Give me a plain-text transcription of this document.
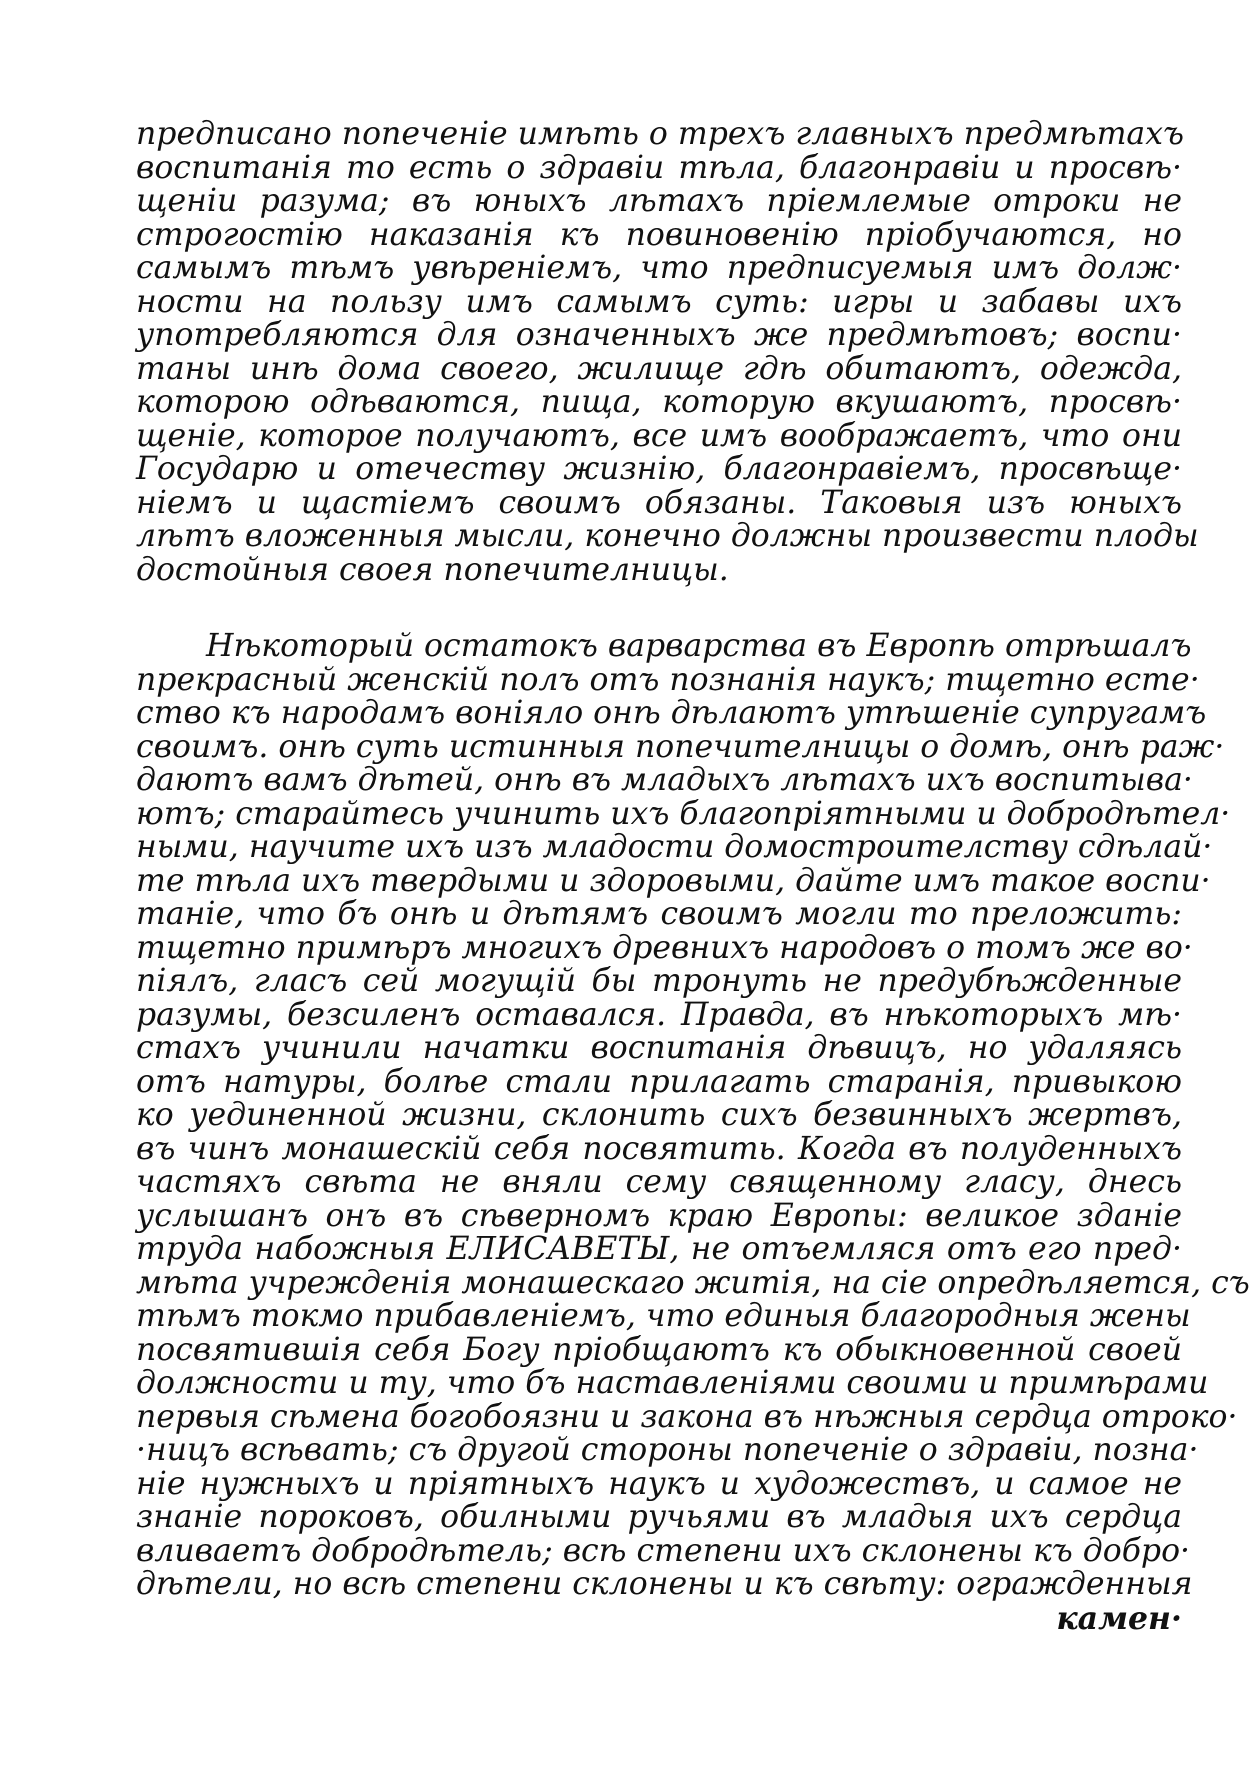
предписано попеченіе имѣть о трехъ главныхъ предмѣтахъ
воспитанія то есть о здравіи тѣла, благонравіи и просвѣ·
щеніи разума; въ юныхъ лѣтахъ пріемлемые отроки не
строгостію наказанія къ повиновенію пріобучаются, но
самымъ тѣмъ увѣреніемъ, что предписуемыя имъ долж·
ности на пользу имъ самымъ суть: игры и забавы ихъ
употребляются для означенныхъ же предмѣтовъ; воспи·
таны инѣ дома своего, жилище гдѣ обитаютъ, одежда,
которою одѣваются, пища, которую вкушаютъ, просвѣ·
щеніе, которое получаютъ, все имъ воображаетъ, что они
Государю и отечеству жизнію, благонравіемъ, просвѣще·
ніемъ и щастіемъ своимъ обязаны. Таковыя изъ юныхъ
лѣтъ вложенныя мысли, конечно должны произвести плоды
достойныя своея попечителницы.
Нѣкоторый остатокъ варварства въ Европѣ отрѣшалъ
прекрасный женскій полъ отъ познанія наукъ; тщетно есте·
ство къ народамъ воніяло онѣ дѣлаютъ утѣшеніе супругамъ
своимъ. онѣ суть истинныя попечителницы о домѣ, онѣ раж·
даютъ вамъ дѣтей, онѣ въ младыхъ лѣтахъ ихъ воспитыва·
ютъ; старайтесь учинить ихъ благопріятными и добродѣтел·
ными, научите ихъ изъ младости домостроителству сдѣлай·
те тѣла ихъ твердыми и здоровыми, дайте имъ такое воспи·
таніе, что бъ онѣ и дѣтямъ своимъ могли то преложить:
тщетно примѣръ многихъ древнихъ народовъ о томъ же во·
піялъ, гласъ сей могущій бы тронуть не предубѣжденные
разумы, безсиленъ оставался. Правда, въ нѣкоторыхъ мѣ·
стахъ учинили начатки воспитанія дѣвицъ, но удаляясь
отъ натуры, болѣе стали прилагать старанія, привыкою
ко уединенной жизни, склонить сихъ безвинныхъ жертвъ,
въ чинъ монашескій себя посвятить. Когда въ полуденныхъ
частяхъ свѣта не вняли сему священному гласу, днесь
услышанъ онъ въ сѣверномъ краю Европы: великое зданіе
труда набожныя ЕЛИСАВЕТЫ, не отъемляся отъ его пред·
мѣта учрежденія монашескаго житія, на сіе опредѣляется, съ
тѣмъ токмо прибавленіемъ, что единыя благородныя жены
посвятившія себя Богу пріобщаютъ къ обыкновенной своей
должности и ту, что бъ наставленіями своими и примѣрами
первыя сѣмена богобоязни и закона въ нѣжныя сердца отроко·
·ницъ всѣвать; съ другой стороны попеченіе о здравіи, позна·
ніе нужныхъ и пріятныхъ наукъ и художествъ, и самое не
знаніе пороковъ, обилными ручьями въ младыя ихъ сердца
вливаетъ добродѣтель; всѣ степени ихъ склонены къ добро·
дѣтели, но всѣ степени склонены и къ свѣту: огражденныя
камен·
